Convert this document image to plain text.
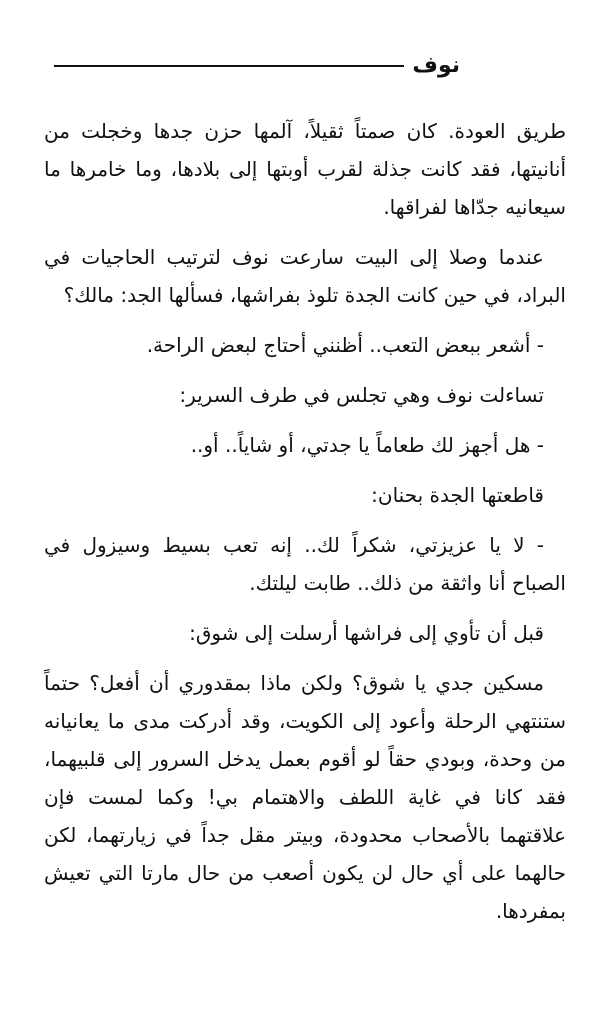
نوف

طريق العودة. كان صمتاً ثقيلاً، آلمها حزن جدها وخجلت من أنانيتها، فقد كانت جذلة لقرب أوبتها إلى بلادها، وما خامرها ما سيعانيه جدّاها لفراقها.

عندما وصلا إلى البيت سارعت نوف لترتيب الحاجيات في البراد، في حين كانت الجدة تلوذ بفراشها، فسألها الجد: مالك؟

- أشعر ببعض التعب.. أظنني أحتاج لبعض الراحة.

تساءلت نوف وهي تجلس في طرف السرير:

- هل أجهز لك طعاماً يا جدتي، أو شاياً.. أو..

قاطعتها الجدة بحنان:

- لا يا عزيزتي، شكراً لك.. إنه تعب بسيط وسيزول في الصباح أنا واثقة من ذلك.. طابت ليلتك.

قبل أن تأوي إلى فراشها أرسلت إلى شوق:

مسكين جدي يا شوق؟ ولكن ماذا بمقدوري أن أفعل؟ حتماً ستنتهي الرحلة وأعود إلى الكويت، وقد أدركت مدى ما يعانيانه من وحدة، وبودي حقاً لو أقوم بعمل يدخل السرور إلى قلبيهما، فقد كانا في غاية اللطف والاهتمام بي! وكما لمست فإن علاقتهما بالأصحاب محدودة، وبيتر مقل جداً في زيارتهما، لكن حالهما على أي حال لن يكون أصعب من حال مارتا التي تعيش بمفردها.
